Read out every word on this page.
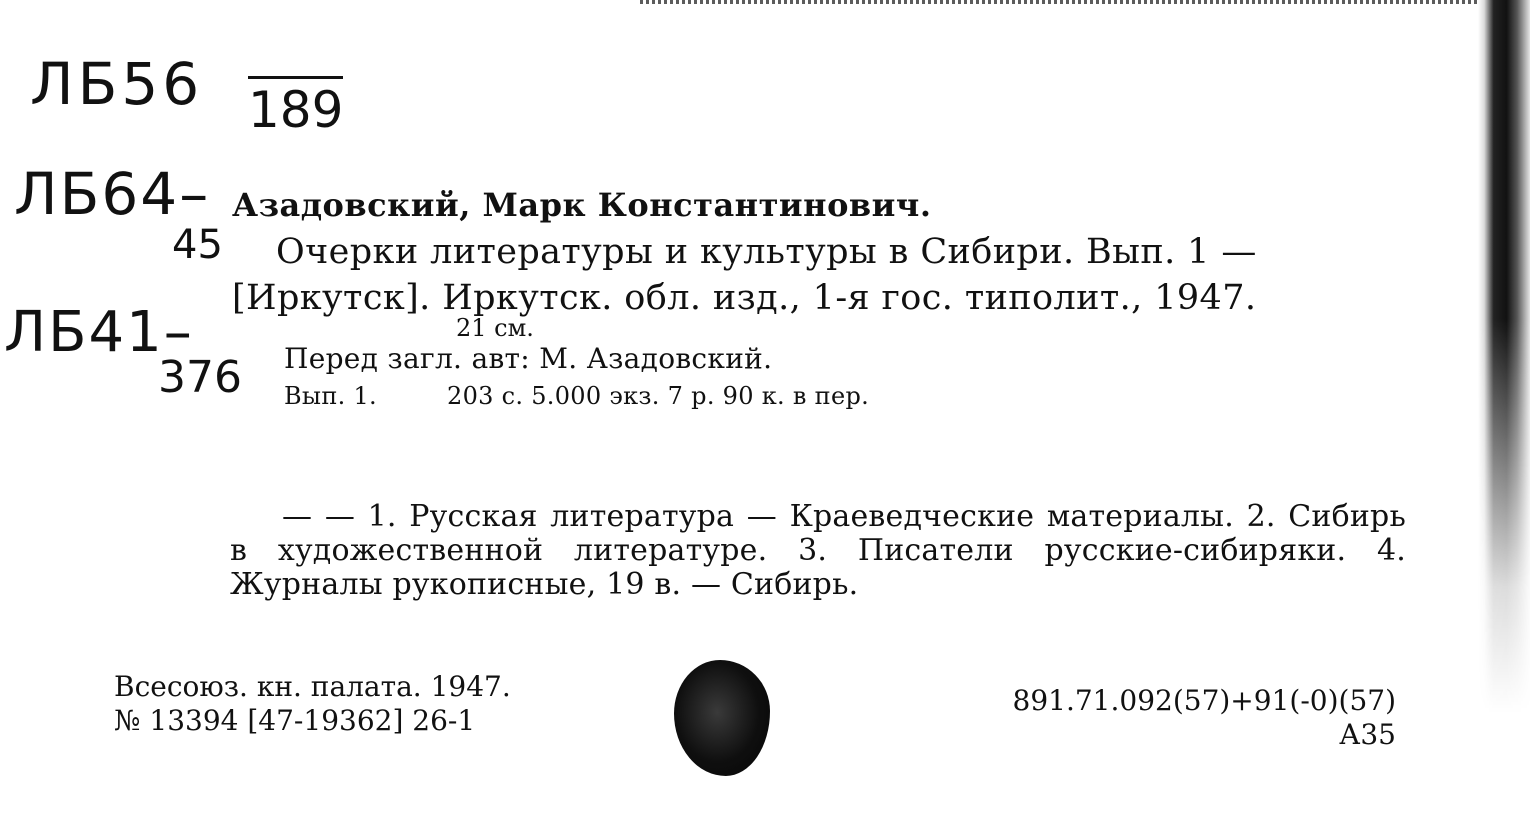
ЛБ56 189
ЛБ64–
45
ЛБ41–
376
Азадовский, Марк Константинович.
Очерки литературы и культуры в Сибири. Вып. 1 —
[Иркутск]. Иркутск. обл. изд., 1-я гос. типолит., 1947.
21 см.
Перед загл. авт: М. Азадовский.
Вып. 1.	203 с. 5.000 экз. 7 р. 90 к. в пер.
— — 1. Русская литература — Краеведческие материалы. 2. Сибирь в художественной литературе. 3. Писатели русские-сибиряки. 4. Журналы рукописные, 19 в. — Сибирь.
Всесоюз. кн. палата. 1947.
№ 13394 [47-19362] 26-1
891.71.092(57)+91(-0)(57)
А35
